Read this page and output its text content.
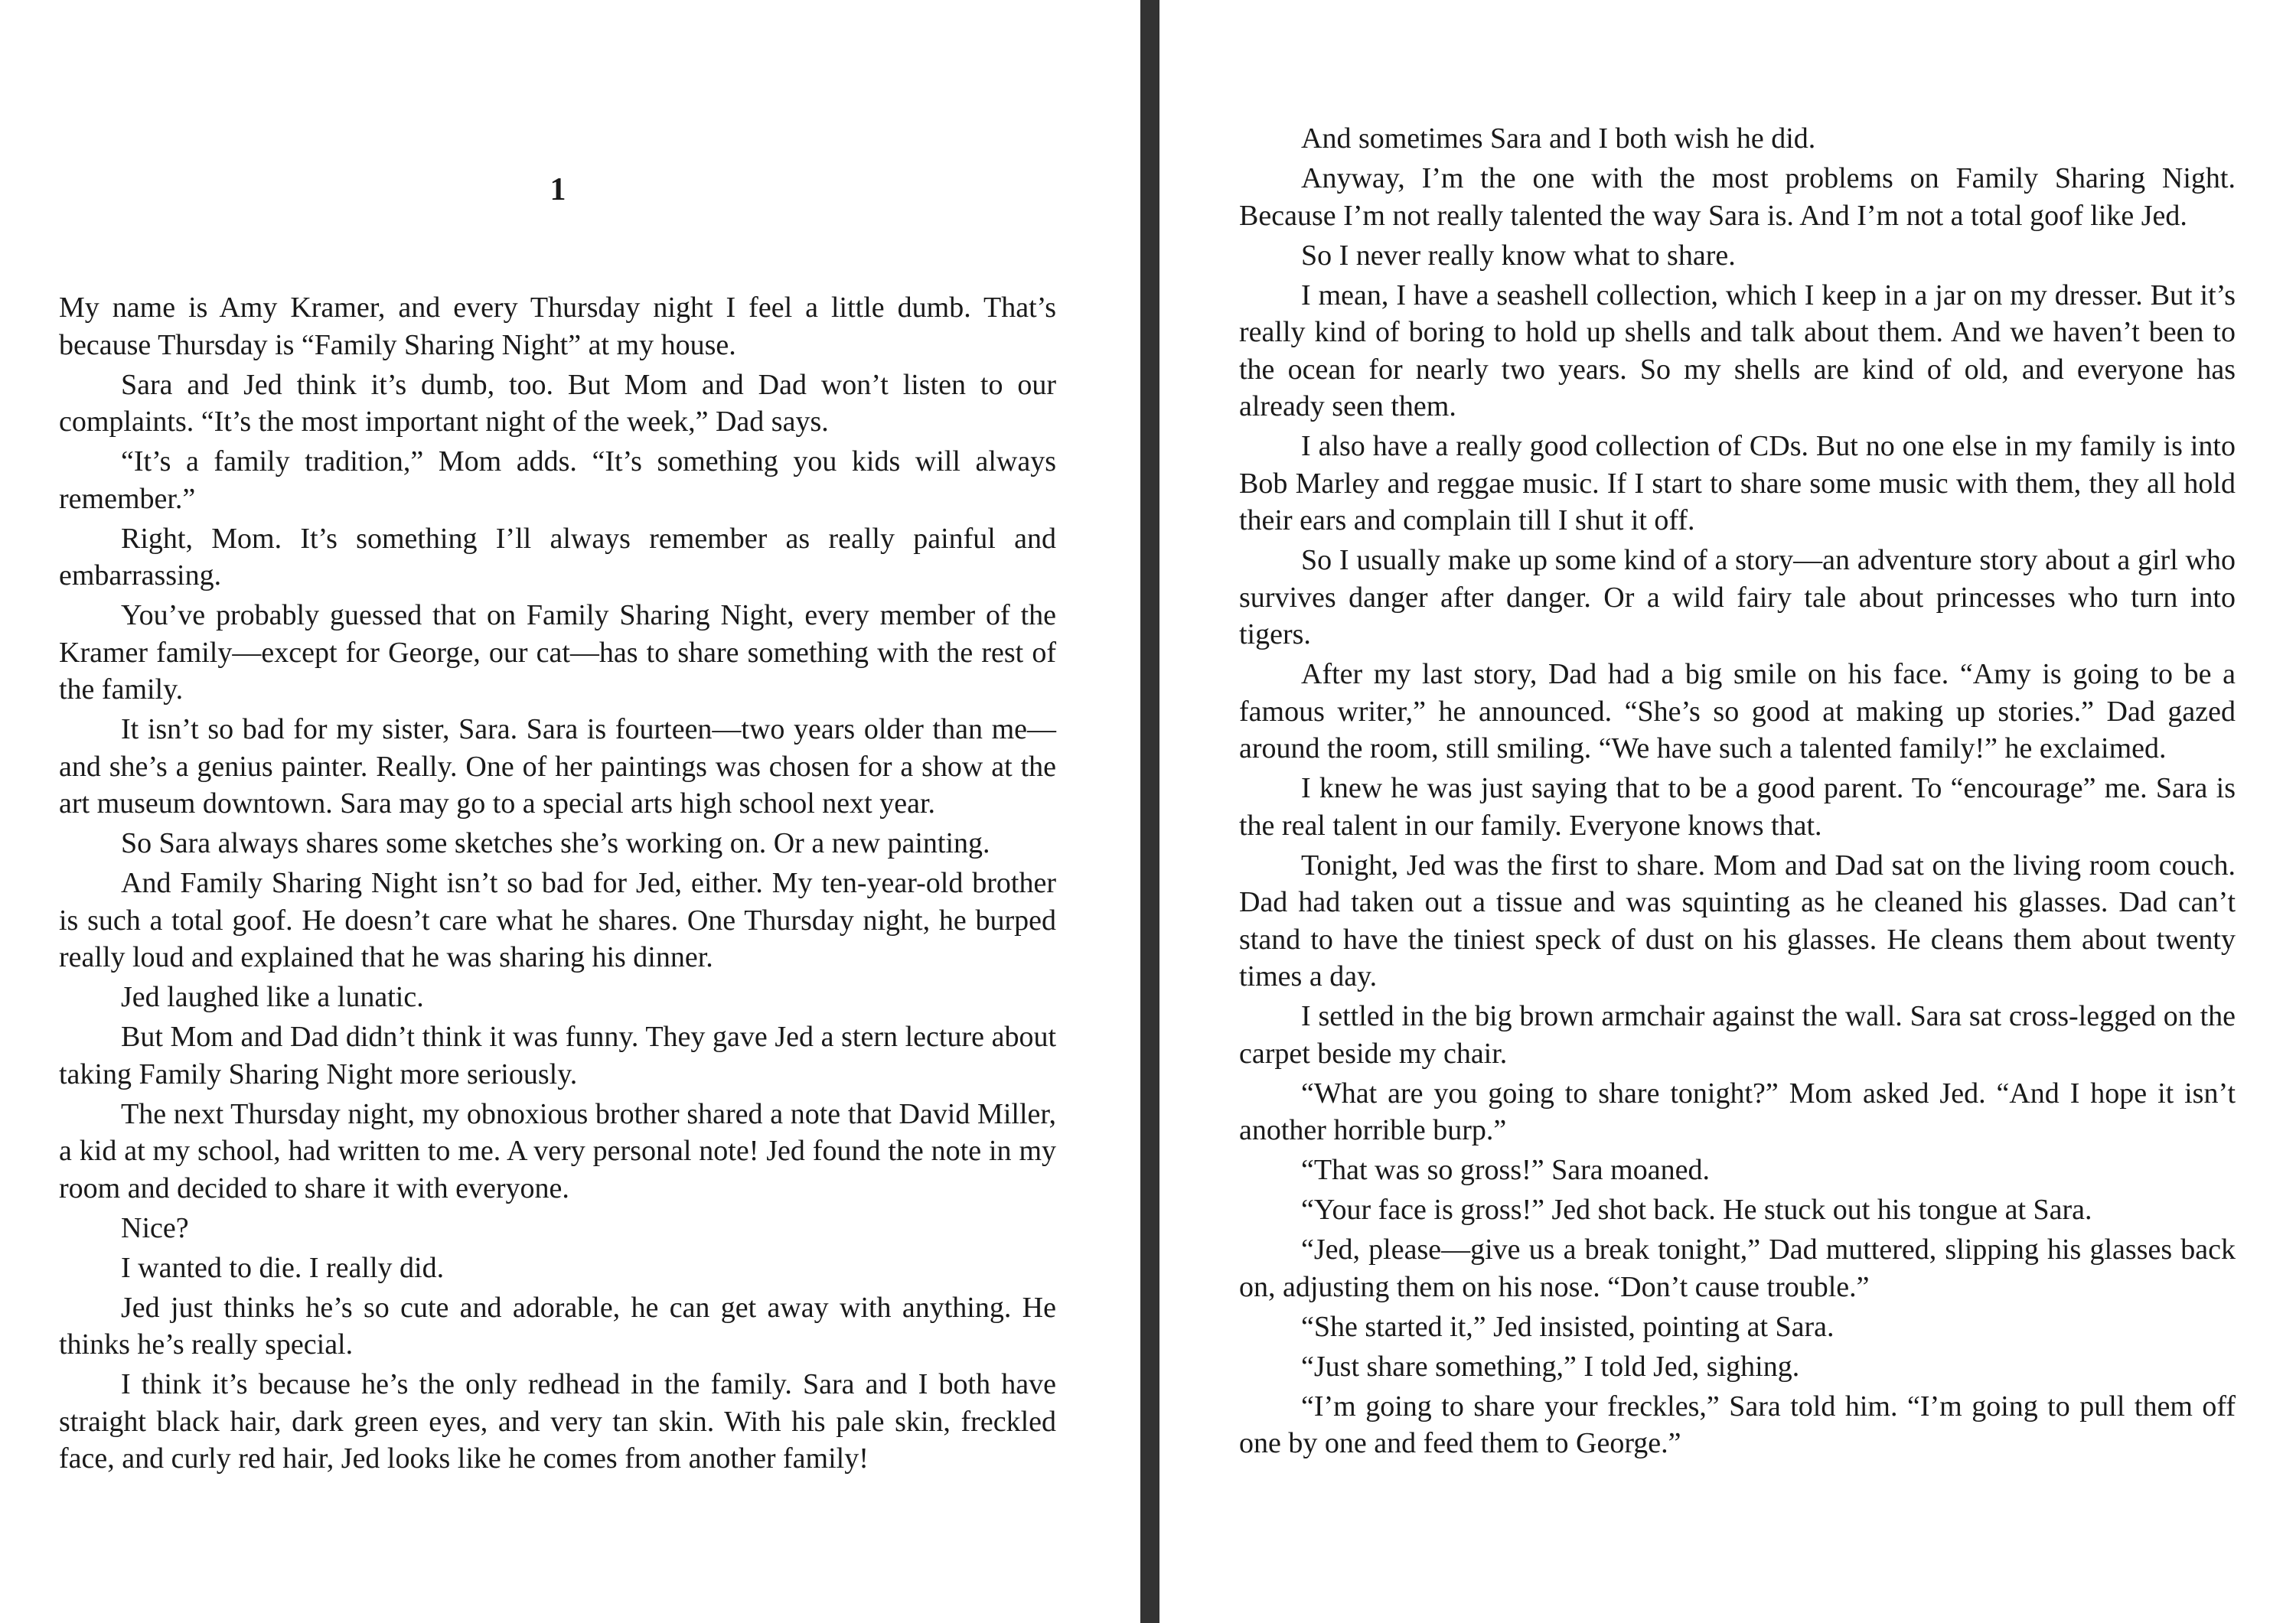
1

My name is Amy Kramer, and every Thursday night I feel a little dumb. That’s because Thursday is “Family Sharing Night” at my house.

Sara and Jed think it’s dumb, too. But Mom and Dad won’t listen to our complaints. “It’s the most important night of the week,” Dad says.

“It’s a family tradition,” Mom adds. “It’s something you kids will always remember.”

Right, Mom. It’s something I’ll always remember as really painful and embarrassing.

You’ve probably guessed that on Family Sharing Night, every member of the Kramer family—except for George, our cat—has to share something with the rest of the family.

It isn’t so bad for my sister, Sara. Sara is fourteen—two years older than me—and she’s a genius painter. Really. One of her paintings was chosen for a show at the art museum downtown. Sara may go to a special arts high school next year.

So Sara always shares some sketches she’s working on. Or a new painting.

And Family Sharing Night isn’t so bad for Jed, either. My ten-year-old brother is such a total goof. He doesn’t care what he shares. One Thursday night, he burped really loud and explained that he was sharing his dinner.

Jed laughed like a lunatic.

But Mom and Dad didn’t think it was funny. They gave Jed a stern lecture about taking Family Sharing Night more seriously.

The next Thursday night, my obnoxious brother shared a note that David Miller, a kid at my school, had written to me. A very personal note! Jed found the note in my room and decided to share it with everyone.

Nice?

I wanted to die. I really did.

Jed just thinks he’s so cute and adorable, he can get away with anything. He thinks he’s really special.

I think it’s because he’s the only redhead in the family. Sara and I both have straight black hair, dark green eyes, and very tan skin. With his pale skin, freckled face, and curly red hair, Jed looks like he comes from another family!

And sometimes Sara and I both wish he did.

Anyway, I’m the one with the most problems on Family Sharing Night. Because I’m not really talented the way Sara is. And I’m not a total goof like Jed.

So I never really know what to share.

I mean, I have a seashell collection, which I keep in a jar on my dresser. But it’s really kind of boring to hold up shells and talk about them. And we haven’t been to the ocean for nearly two years. So my shells are kind of old, and everyone has already seen them.

I also have a really good collection of CDs. But no one else in my family is into Bob Marley and reggae music. If I start to share some music with them, they all hold their ears and complain till I shut it off.

So I usually make up some kind of a story—an adventure story about a girl who survives danger after danger. Or a wild fairy tale about princesses who turn into tigers.

After my last story, Dad had a big smile on his face. “Amy is going to be a famous writer,” he announced. “She’s so good at making up stories.” Dad gazed around the room, still smiling. “We have such a talented family!” he exclaimed.

I knew he was just saying that to be a good parent. To “encourage” me. Sara is the real talent in our family. Everyone knows that.

Tonight, Jed was the first to share. Mom and Dad sat on the living room couch. Dad had taken out a tissue and was squinting as he cleaned his glasses. Dad can’t stand to have the tiniest speck of dust on his glasses. He cleans them about twenty times a day.

I settled in the big brown armchair against the wall. Sara sat cross-legged on the carpet beside my chair.

“What are you going to share tonight?” Mom asked Jed. “And I hope it isn’t another horrible burp.”

“That was so gross!” Sara moaned.

“Your face is gross!” Jed shot back. He stuck out his tongue at Sara.

“Jed, please—give us a break tonight,” Dad muttered, slipping his glasses back on, adjusting them on his nose. “Don’t cause trouble.”

“She started it,” Jed insisted, pointing at Sara.

“Just share something,” I told Jed, sighing.

“I’m going to share your freckles,” Sara told him. “I’m going to pull them off one by one and feed them to George.”
